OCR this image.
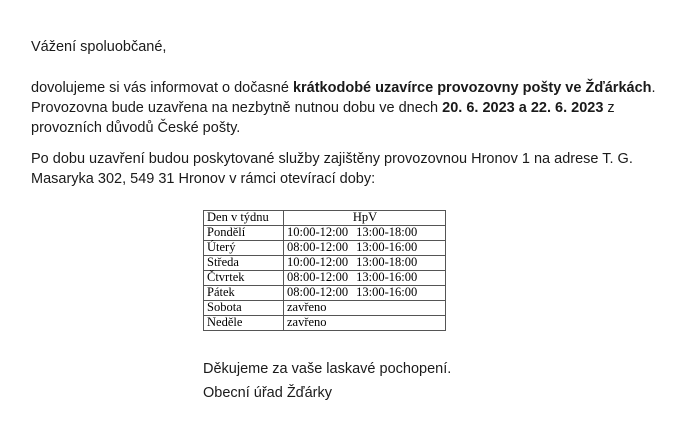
Vážení spoluobčané,

dovolujeme si vás informovat o dočasné krátkodobé uzavírce provozovny pošty ve Žďárkách. Provozovna bude uzavřena na nezbytně nutnou dobu ve dnech 20. 6. 2023 a 22. 6. 2023 z provozních důvodů České pošty.

Po dobu uzavření budou poskytované služby zajištěny provozovnou Hronov 1 na adrese T. G. Masaryka 302, 549 31 Hronov v rámci otevírací doby:

Den v týdnu	HpV
Pondělí	10:00-12:00 13:00-18:00
Úterý	08:00-12:00 13:00-16:00
Středa	10:00-12:00 13:00-18:00
Čtvrtek	08:00-12:00 13:00-16:00
Pátek	08:00-12:00 13:00-16:00
Sobota	zavřeno
Neděle	zavřeno
Děkujeme za vaše laskavé pochopení.
Obecní úřad Žďárky
